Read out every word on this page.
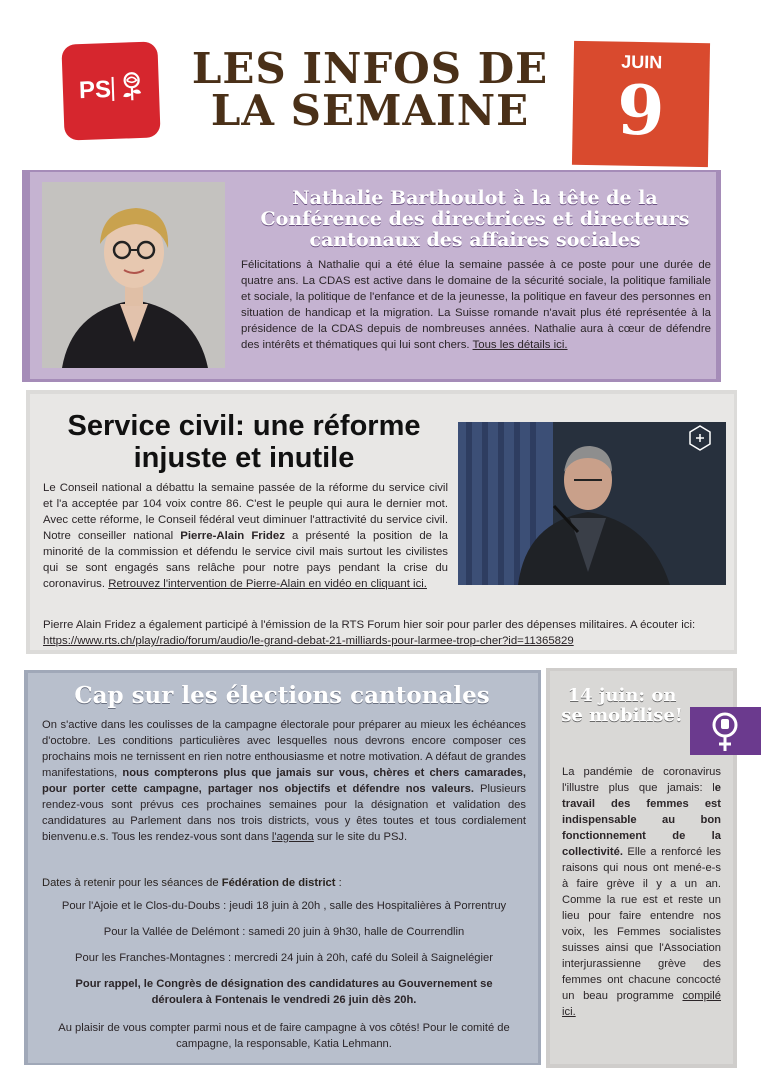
PS	LES INFOS DE
LA SEMAINE
JUIN
9
Nathalie Barthoulot à la tête de la Conférence des directrices et directeurs cantonaux des affaires sociales
Félicitations à Nathalie qui a été élue la semaine passée à ce poste pour une durée de quatre ans. La CDAS est active dans le domaine de la sécurité sociale, la politique familiale et sociale, la politique de l'enfance et de la jeunesse, la politique en faveur des personnes en situation de handicap et la migration. La Suisse romande n'avait plus été représentée à la présidence de la CDAS depuis de nombreuses années. Nathalie aura à cœur de défendre des intérêts et thématiques qui lui sont chers. Tous les détails ici.
Service civil: une réforme injuste et inutile
Le Conseil national a débattu la semaine passée de la réforme du service civil et l'a acceptée par 104 voix contre 86. C'est le peuple qui aura le dernier mot. Avec cette réforme, le Conseil fédéral veut diminuer l'attractivité du service civil. Notre conseiller national Pierre-Alain Fridez a présenté la position de la minorité de la commission et défendu le service civil mais surtout les civilistes qui se sont engagés sans relâche pour notre pays pendant la crise du coronavirus. Retrouvez l'intervention de Pierre-Alain en vidéo en cliquant ici.
Pierre Alain Fridez a également participé à l'émission de la RTS Forum hier soir pour parler des dépenses militaires. A écouter ici: https://www.rts.ch/play/radio/forum/audio/le-grand-debat-21-milliards-pour-larmee-trop-cher?id=11365829
Cap sur les élections cantonales
On s'active dans les coulisses de la campagne électorale pour préparer au mieux les échéances d'octobre. Les conditions particulières avec lesquelles nous devrons encore composer ces prochains mois ne ternissent en rien notre enthousiasme et notre motivation. A défaut de grandes manifestations, nous compterons plus que jamais sur vous, chères et chers camarades, pour porter cette campagne, partager nos objectifs et défendre nos valeurs. Plusieurs rendez-vous sont prévus ces prochaines semaines pour la désignation et validation des candidatures au Parlement dans nos trois districts, vous y êtes toutes et tous cordialement bienvenu.e.s. Tous les rendez-vous sont dans l'agenda sur le site du PSJ.
Dates à retenir pour les séances de Fédération de district :
Pour l'Ajoie et le Clos-du-Doubs : jeudi 18 juin à 20h , salle des Hospitalières à Porrentruy
Pour la Vallée de Delémont : samedi 20 juin à 9h30, halle de Courrendlin
Pour les Franches-Montagnes : mercredi 24 juin à 20h, café du Soleil à Saignelégier
Pour rappel, le Congrès de désignation des candidatures au Gouvernement se déroulera à Fontenais le vendredi 26 juin dès 20h.
Au plaisir de vous compter parmi nous et de faire campagne à vos côtés! Pour le comité de campagne, la responsable, Katia Lehmann.
14 juin: on se mobilise!
La pandémie de coronavirus l'illustre plus que jamais: le travail des femmes est indispensable au bon fonctionnement de la collectivité. Elle a renforcé les raisons qui nous ont mené-e-s à faire grève il y a un an. Comme la rue est et reste un lieu pour faire entendre nos voix, les Femmes socialistes suisses ainsi que l'Association interjurassienne grève des femmes ont chacune concocté un beau programme compilé ici.
